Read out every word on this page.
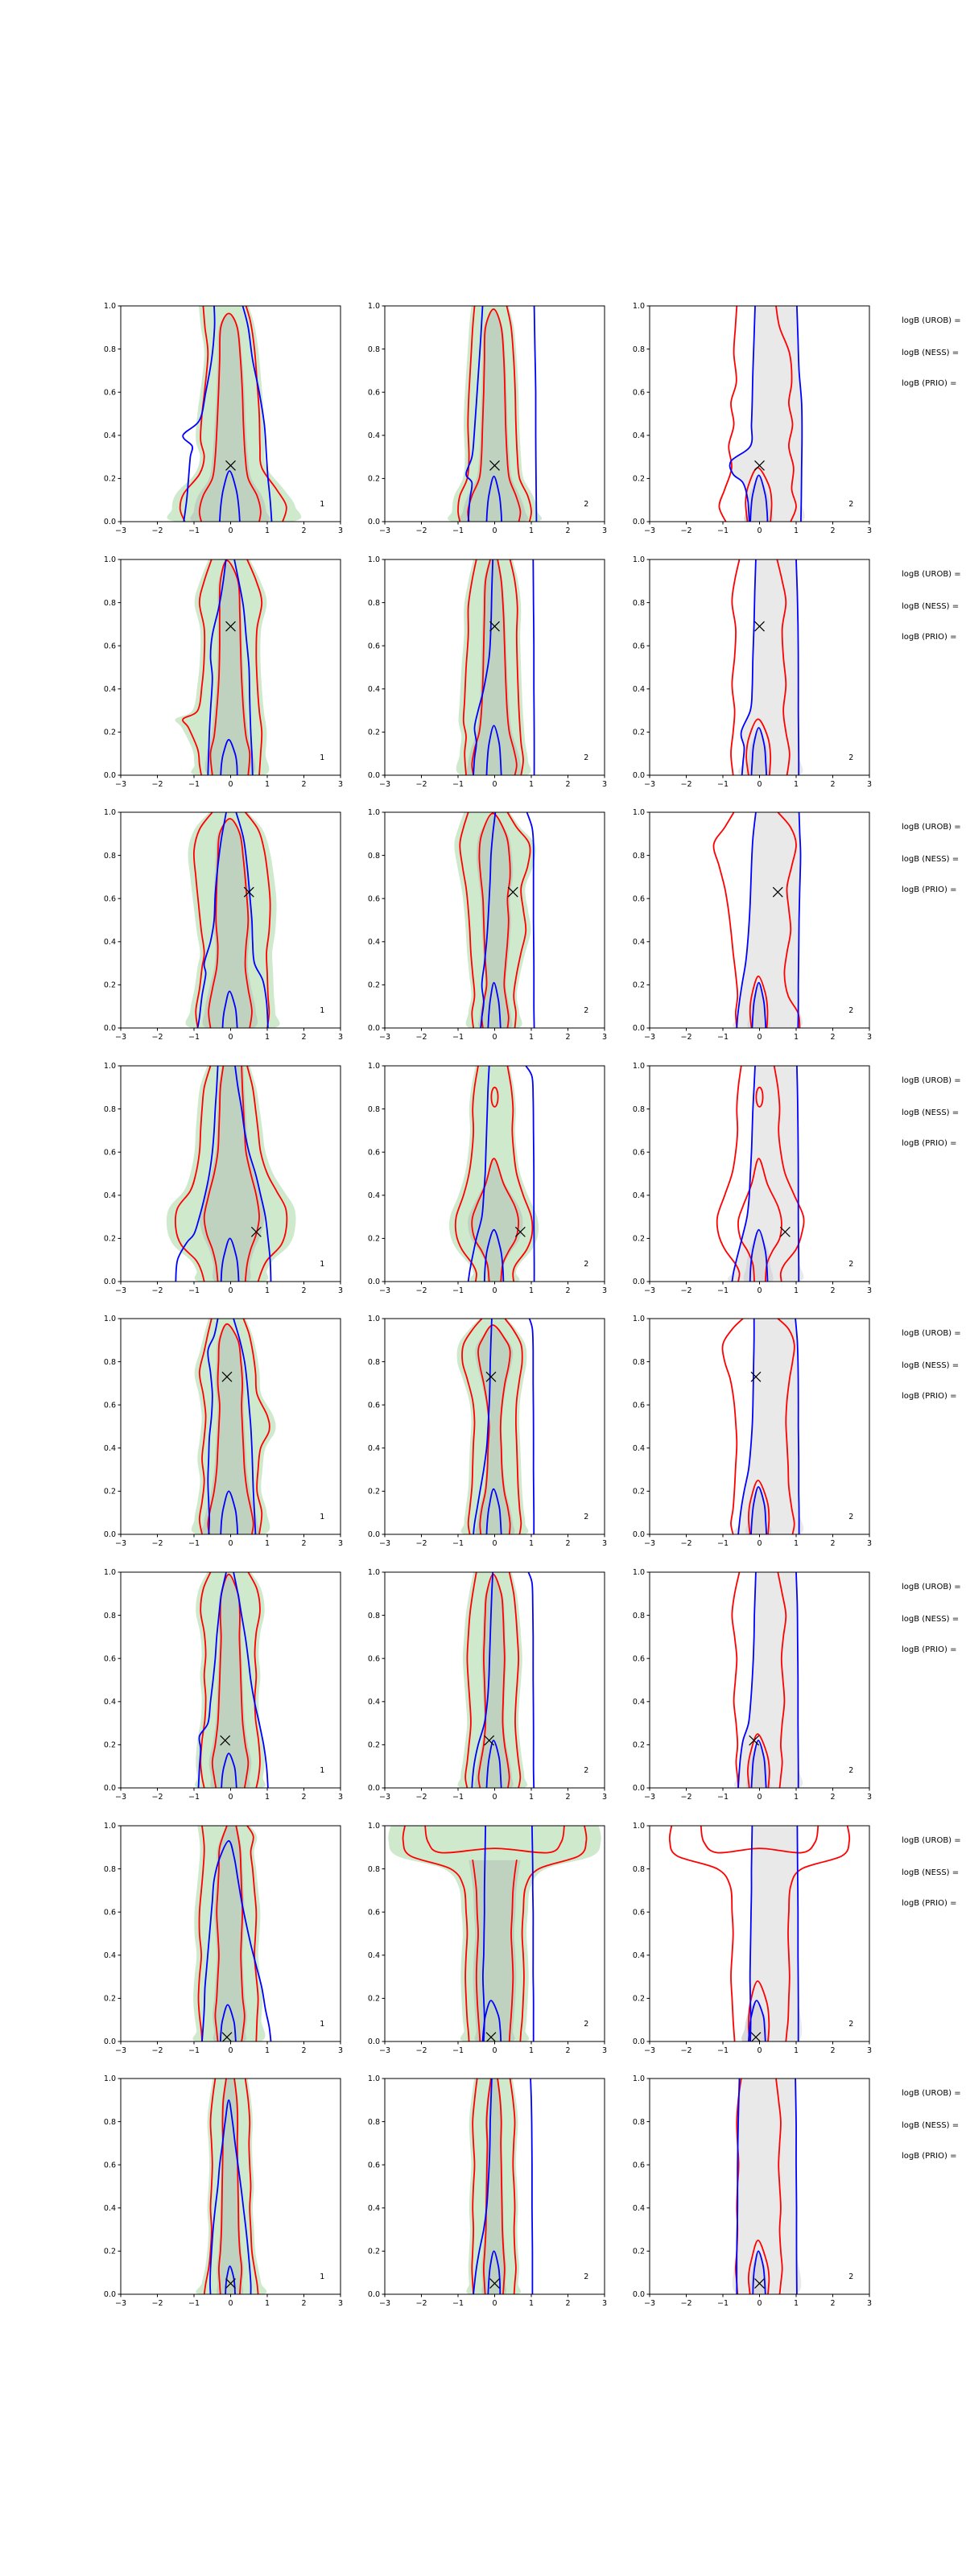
1
−3	−2	−1	0	1	2	3
0.0
0.2
0.4
0.6
0.8
1.0
2
−3	−2	−1	0	1	2	3
0.0
0.2
0.4
0.6
0.8
1.0
2
−3	−2	−1	0	1	2	3
0.0
0.2
0.4
0.6
0.8
1.0
logB (UROB) =
logB (NESS) =
logB (PRIO) =
1
−3	−2	−1	0	1	2	3
0.0
0.2
0.4
0.6
0.8
1.0
2
−3	−2	−1	0	1	2	3
0.0
0.2
0.4
0.6
0.8
1.0
2
−3	−2	−1	0	1	2	3
0.0
0.2
0.4
0.6
0.8
1.0
logB (UROB) =
logB (NESS) =
logB (PRIO) =
1
−3	−2	−1	0	1	2	3
0.0
0.2
0.4
0.6
0.8
1.0
2
−3	−2	−1	0	1	2	3
0.0
0.2
0.4
0.6
0.8
1.0
2
−3	−2	−1	0	1	2	3
0.0
0.2
0.4
0.6
0.8
1.0
logB (UROB) =
logB (NESS) =
logB (PRIO) =
1
−3	−2	−1	0	1	2	3
0.0
0.2
0.4
0.6
0.8
1.0
2
−3	−2	−1	0	1	2	3
0.0
0.2
0.4
0.6
0.8
1.0
2
−3	−2	−1	0	1	2	3
0.0
0.2
0.4
0.6
0.8
1.0
logB (UROB) =
logB (NESS) =
logB (PRIO) =
1
−3	−2	−1	0	1	2	3
0.0
0.2
0.4
0.6
0.8
1.0
2
−3	−2	−1	0	1	2	3
0.0
0.2
0.4
0.6
0.8
1.0
2
−3	−2	−1	0	1	2	3
0.0
0.2
0.4
0.6
0.8
1.0
logB (UROB) =
logB (NESS) =
logB (PRIO) =
1
−3	−2	−1	0	1	2	3
0.0
0.2
0.4
0.6
0.8
1.0
2
−3	−2	−1	0	1	2	3
0.0
0.2
0.4
0.6
0.8
1.0
2
−3	−2	−1	0	1	2	3
0.0
0.2
0.4
0.6
0.8
1.0
logB (UROB) =
logB (NESS) =
logB (PRIO) =
1
−3	−2	−1	0	1	2	3
0.0
0.2
0.4
0.6
0.8
1.0
2
−3	−2	−1	0	1	2	3
0.0
0.2
0.4
0.6
0.8
1.0
2
−3	−2	−1	0	1	2	3
0.0
0.2
0.4
0.6
0.8
1.0
logB (UROB) =
logB (NESS) =
logB (PRIO) =
1
−3	−2	−1	0	1	2	3
0.0
0.2
0.4
0.6
0.8
1.0
2
−3	−2	−1	0	1	2	3
0.0
0.2
0.4
0.6
0.8
1.0
2
−3	−2	−1	0	1	2	3
0.0
0.2
0.4
0.6
0.8
1.0
logB (UROB) =
logB (NESS) =
logB (PRIO) =
